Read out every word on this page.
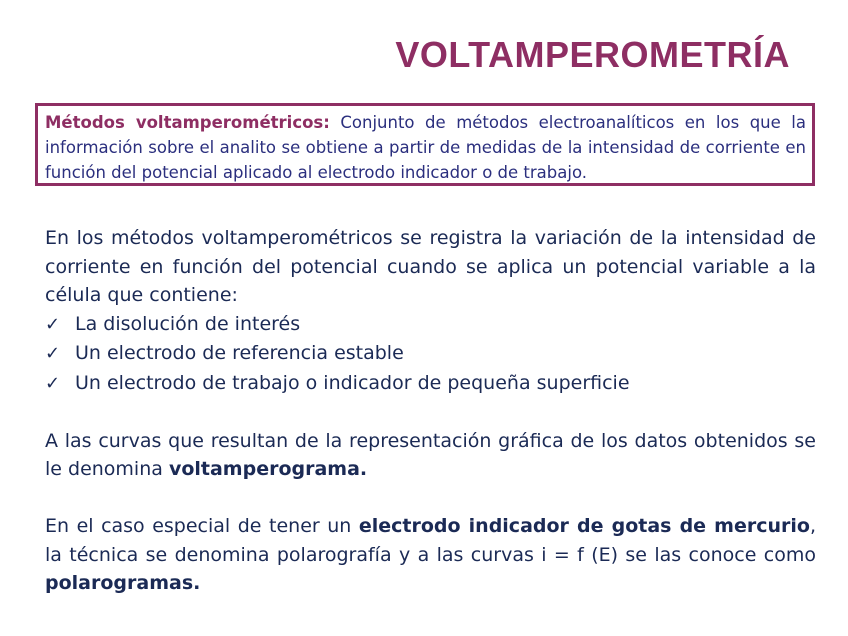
VOLTAMPEROMETRÍA
Métodos voltamperométricos: Conjunto de métodos electroanalíticos en los que la información sobre el analito se obtiene a partir de medidas de la intensidad de corriente en función del potencial aplicado al electrodo indicador o de trabajo.

En los métodos voltamperométricos se registra la variación de la intensidad de corriente en función del potencial cuando se aplica un potencial variable a la célula que contiene:

✓ La disolución de interés
✓ Un electrodo de referencia estable
✓ Un electrodo de trabajo o indicador de pequeña superficie

A las curvas que resultan de la representación gráfica de los datos obtenidos se le denomina voltamperograma.

En el caso especial de tener un electrodo indicador de gotas de mercurio, la técnica se denomina polarografía y a las curvas i = f (E) se las conoce como polarogramas.
